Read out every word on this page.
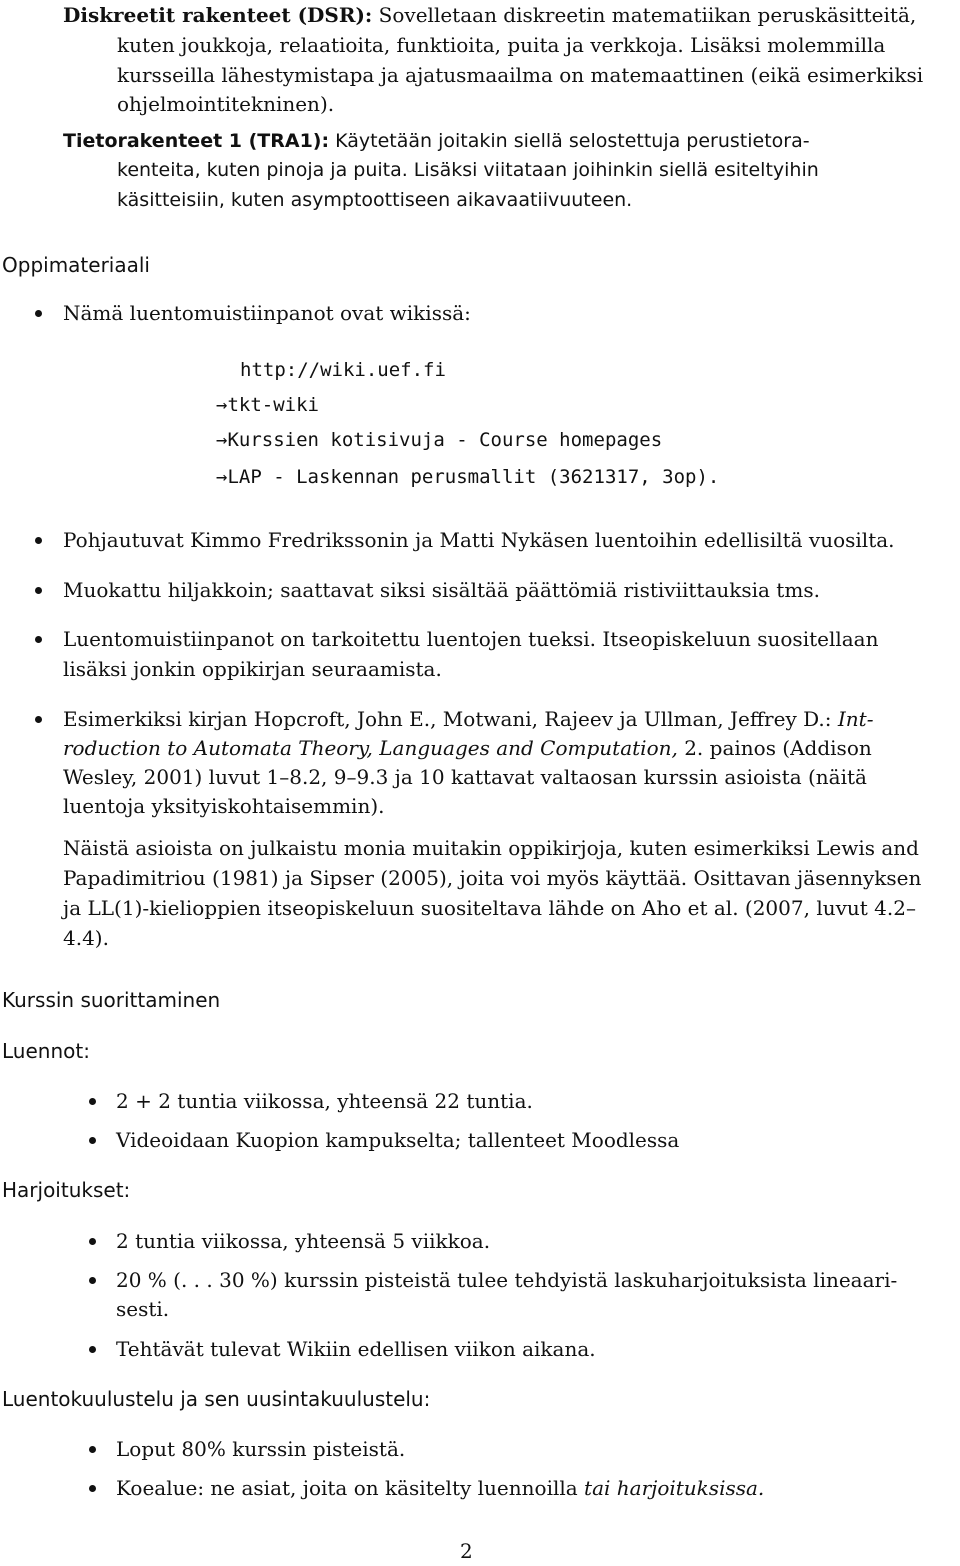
Diskreetit rakenteet (DSR): Sovelletaan diskreetin matematiikan peruskäsitteitä,
kuten joukkoja, relaatioita, funktioita, puita ja verkkoja. Lisäksi molemmilla
kursseilla lähestymistapa ja ajatusmaailma on matemaattinen (eikä esimerkiksi
ohjelmointitekninen).
Tietorakenteet 1 (TRA1): Käytetään joitakin siellä selostettuja perustietora-
kenteita, kuten pinoja ja puita. Lisäksi viitataan joihinkin siellä esiteltyihin
käsitteisiin, kuten asymptoottiseen aikavaatiivuuteen.
Oppimateriaali
Nämä luentomuistiinpanot ovat wikissä:
http://wiki.uef.fi
→tkt-wiki
→Kurssien kotisivuja - Course homepages
→LAP - Laskennan perusmallit (3621317, 3op).
Pohjautuvat Kimmo Fredrikssonin ja Matti Nykäsen luentoihin edellisiltä vuosilta.
Muokattu hiljakkoin; saattavat siksi sisältää päättömiä ristiviittauksia tms.
Luentomuistiinpanot on tarkoitettu luentojen tueksi. Itseopiskeluun suositellaan
lisäksi jonkin oppikirjan seuraamista.
Esimerkiksi kirjan Hopcroft, John E., Motwani, Rajeev ja Ullman, Jeffrey D.: Int-
roduction to Automata Theory, Languages and Computation, 2. painos (Addison
Wesley, 2001) luvut 1–8.2, 9–9.3 ja 10 kattavat valtaosan kurssin asioista (näitä
luentoja yksityiskohtaisemmin).
Näistä asioista on julkaistu monia muitakin oppikirjoja, kuten esimerkiksi Lewis and
Papadimitriou (1981) ja Sipser (2005), joita voi myös käyttää. Osittavan jäsennyksen
ja LL(1)-kielioppien itseopiskeluun suositeltava lähde on Aho et al. (2007, luvut 4.2–
4.4).
Kurssin suorittaminen
Luennot:
2 + 2 tuntia viikossa, yhteensä 22 tuntia.
Videoidaan Kuopion kampukselta; tallenteet Moodlessa
Harjoitukset:
2 tuntia viikossa, yhteensä 5 viikkoa.
20 % (. . . 30 %) kurssin pisteistä tulee tehdyistä laskuharjoituksista lineaari-
sesti.
Tehtävät tulevat Wikiin edellisen viikon aikana.
Luentokuulustelu ja sen uusintakuulustelu:
Loput 80% kurssin pisteistä.
Koealue: ne asiat, joita on käsitelty luennoilla tai harjoituksissa.
2
